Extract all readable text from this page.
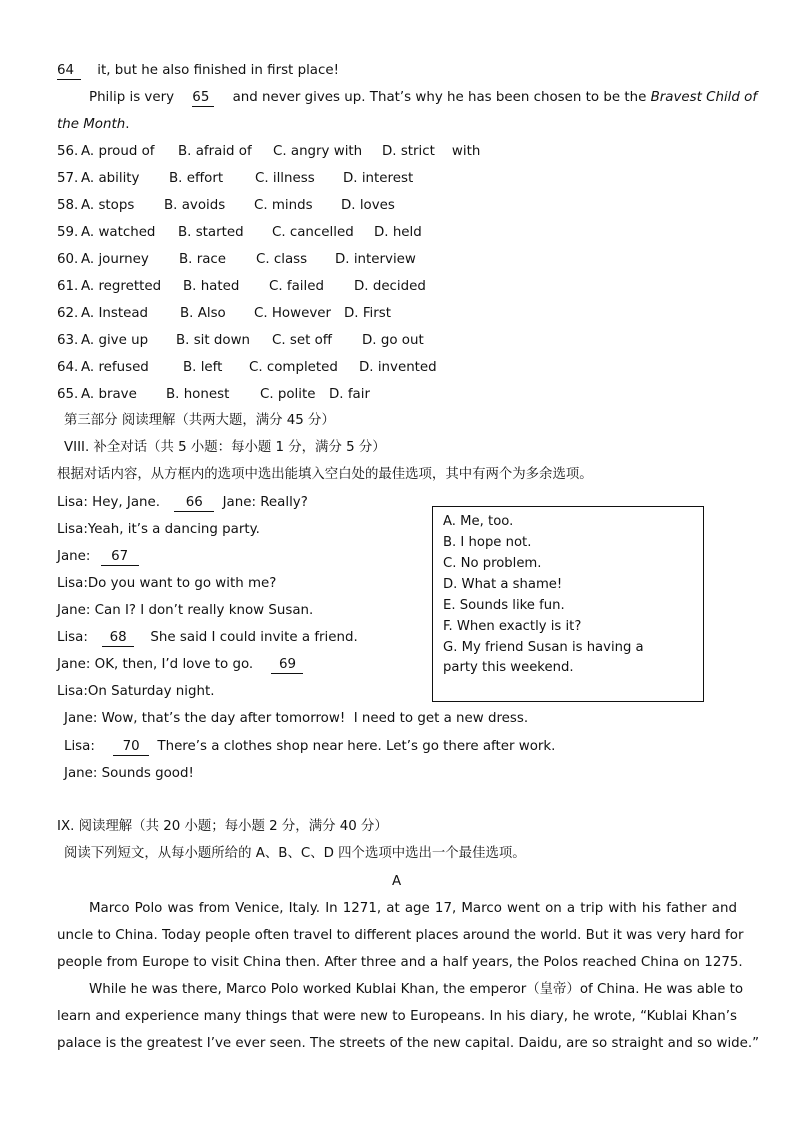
64 it, but he also finished in first place!
Philip is very 65 and never gives up. That’s why he has been chosen to be the Bravest Child of
the Month.
56. A. proud of B. afraid of C. angry with D. strict    with
57. A. ability B. effort C. illness D. interest
58. A. stops B. avoids C. minds D. loves
59. A. watched B. started C. cancelled D. held
60. A. journey B. race C. class D. interview
61. A. regretted B. hated C. failed D. decided
62. A. Instead B. Also C. However D. First
63. A. give up B. sit down C. set off D. go out
64. A. refused	B. left C. completed D. invented
65. A. brave B. honest C. polite D. fair
第三部分 阅读理解（共两大题，满分 45 分）
VIII. 补全对话（共 5 小题：每小题 1 分，满分 5 分）
根据对话内容，从方框内的选项中选出能填入空白处的最佳选项，其中有两个为多余选项。
Lisa: Hey, Jane. 66 Jane: Really?
Lisa:Yeah, it’s a dancing party.
Jane: 67
Lisa:Do you want to go with me?
Jane: Can I? I don’t really know Susan.
Lisa: 68 She said I could invite a friend.
Jane: OK, then, I’d love to go. 69
Lisa:On Saturday night.
Jane: Wow, that’s the day after tomorrow!  I need to get a new dress.
Lisa: 70 There’s a clothes shop near here. Let’s go there after work.
Jane: Sounds good!
A. Me, too.
B. I hope not.
C. No problem.
D. What a shame!
E. Sounds like fun.
F. When exactly is it?
G. My friend Susan is having a
party this weekend.
IX. 阅读理解（共 20 小题；每小题 2 分，满分 40 分）
阅读下列短文，从每小题所给的 A、B、C、D 四个选项中选出一个最佳选项。
A
Marco Polo was from Venice, Italy. In 1271, at age 17, Marco went on a trip with his father and
uncle to China. Today people often travel to different places around the world. But it was very hard for
people from Europe to visit China then. After three and a half years, the Polos reached China on 1275.
While he was there, Marco Polo worked Kublai Khan, the emperor（皇帝）of China. He was able to
learn and experience many things that were new to Europeans. In his diary, he wrote, “Kublai Khan’s
palace is the greatest I’ve ever seen. The streets of the new capital. Daidu, are so straight and so wide.”
